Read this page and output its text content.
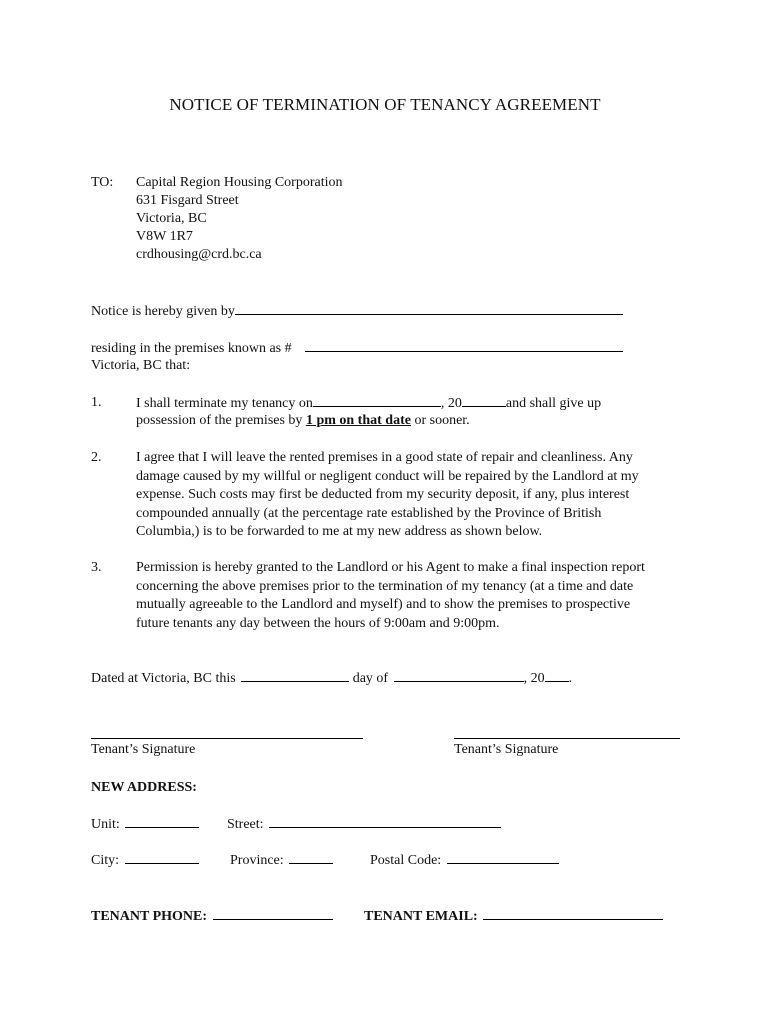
NOTICE OF TERMINATION OF TENANCY AGREEMENT
TO: Capital Region Housing Corporation
631 Fisgard Street
Victoria, BC
V8W 1R7
crdhousing@crd.bc.ca
Notice is hereby given by
residing in the premises known as #
Victoria, BC that:
1. I shall terminate my tenancy on	, 20	and shall give up
possession of the premises by 1 pm on that date or sooner.
2. I agree that I will leave the rented premises in a good state of repair and cleanliness. Any
damage caused by my willful or negligent conduct will be repaired by the Landlord at my
expense. Such costs may first be deducted from my security deposit, if any, plus interest
compounded annually (at the percentage rate established by the Province of British
Columbia,) is to be forwarded to me at my new address as shown below.
3. Permission is hereby granted to the Landlord or his Agent to make a final inspection report
concerning the above premises prior to the termination of my tenancy (at a time and date
mutually agreeable to the Landlord and myself) and to show the premises to prospective
future tenants any day between the hours of 9:00am and 9:00pm.
Dated at Victoria, BC this	day of	, 20 .
Tenant’s Signature	Tenant’s Signature
NEW ADDRESS:
Unit:	Street:
City:	Province:	Postal Code:
TENANT PHONE:	TENANT EMAIL:
